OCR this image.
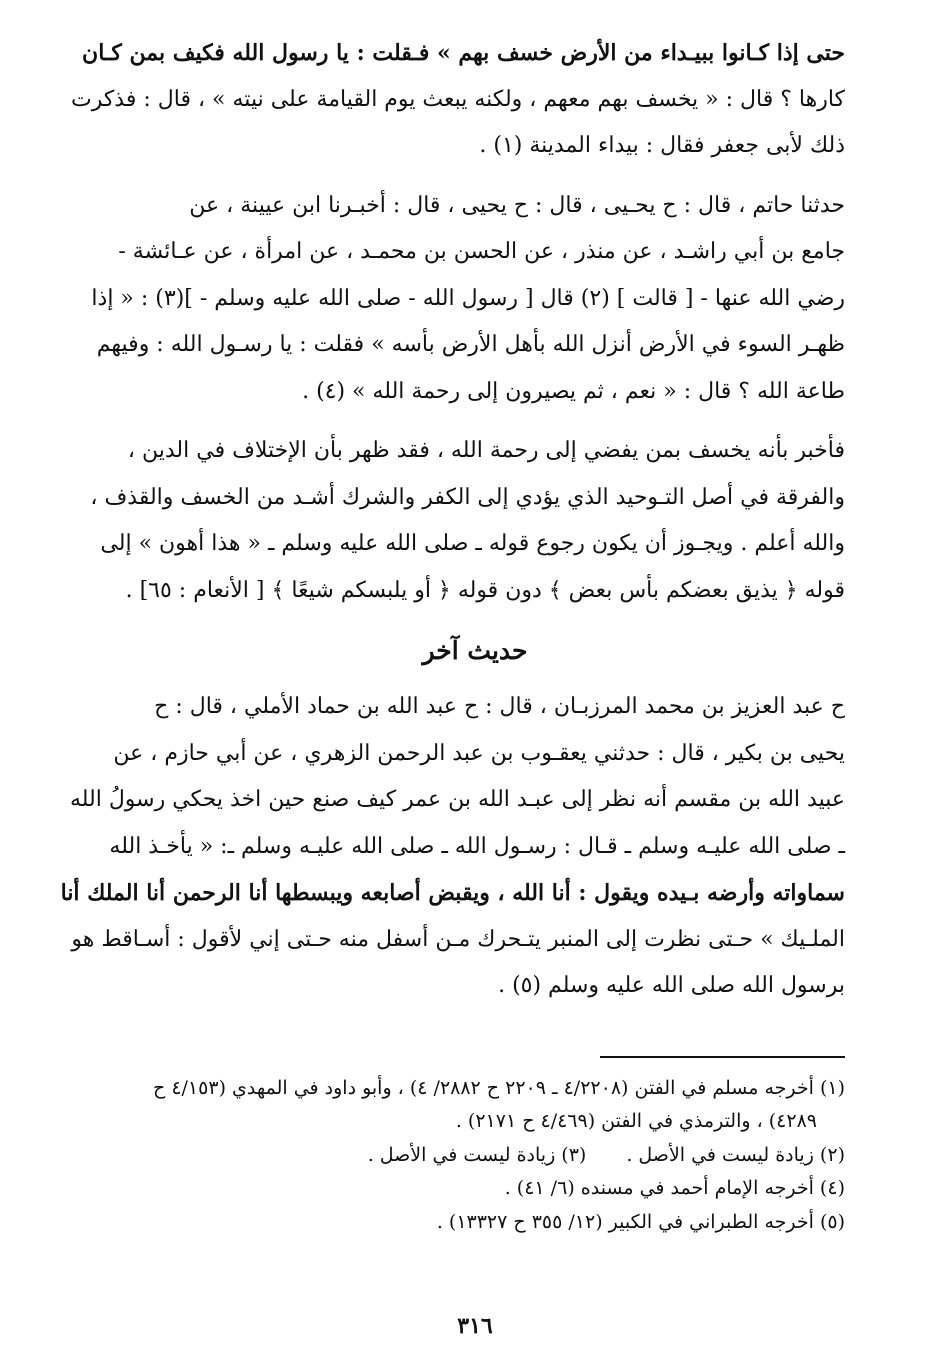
حتى إذا كـانوا ببيـداء من الأرض خسف بهم » فـقلت : يا رسول الله فكيف بمن كـان
كارها ؟ قال : « يخسف بهم معهم ، ولكنه يبعث يوم القيامة على نيته » ، قال : فذكرت
ذلك لأبى جعفر فقال : بيداء المدينة (١) .

حدثنا حاتم ، قال : ح يحـيى ، قال : ح يحيى ، قال : أخبـرنا ابن عيينة ، عن
جامع بن أبي راشـد ، عن منذر ، عن الحسن بن محمـد ، عن امرأة ، عن عـائشة -
رضي الله عنها - [ قالت ] (٢) قال [ رسول الله - صلى الله عليه وسلم - ](٣) : « إذا
ظهـر السوء في الأرض أنزل الله بأهل الأرض بأسه » فقلت : يا رسـول الله : وفيهم
طاعة الله ؟ قال : « نعم ، ثم يصيرون إلى رحمة الله » (٤) .

فأخبر بأنه يخسف بمن يفضي إلى رحمة الله ، فقد ظهر بأن الإختلاف في الدين ،
والفرقة في أصل التـوحيد الذي يؤدي إلى الكفر والشرك أشـد من الخسف والقذف ،
والله أعلم . ويجـوز أن يكون رجوع قوله ـ صلى الله عليه وسلم ـ « هذا أهون » إلى
قوله ﴿ يذيق بعضكم بأس بعض ﴾ دون قوله ﴿ أو يلبسكم شيعًا ﴾ [ الأنعام : ٦٥] .

حديث آخر

ح عبد العزيز بن محمد المرزبـان ، قال : ح عبد الله بن حماد الأملي ، قال : ح
يحيى بن بكير ، قال : حدثني يعقـوب بن عبد الرحمن الزهري ، عن أبي حازم ، عن
عبيد الله بن مقسم أنه نظر إلى عبـد الله بن عمر كيف صنع حين اخذ يحكي رسولُ الله
ـ صلى الله عليـه وسلم ـ قـال : رسـول الله ـ صلى الله عليـه وسلم ـ: « يأخـذ الله
سماواته وأرضه بـيده ويقول : أنا الله ، ويقبض أصابعه ويبسطها أنا الرحمن أنا الملك أنا
الملـيك » حـتى نظرت إلى المنبر يتـحرك مـن أسفل منه حـتى إني لأقول : أسـاقط هو
برسول الله صلى الله عليه وسلم (٥) .

(١) أخرجه مسلم في الفتن (٤/٢٢٠٨ ـ ٢٢٠٩ ح ٢٨٨٢/ ٤) ، وأبو داود في المهدي (٤/١٥٣ ح
٤٢٨٩) ، والترمذي في الفتن (٤/٤٦٩ ح ٢١٧١) .
(٢) زيادة ليست في الأصل .
(٣) زيادة ليست في الأصل .
(٤) أخرجه الإمام أحمد في مسنده (٦/ ٤١) .
(٥) أخرجه الطبراني في الكبير (١٢/ ٣٥٥ ح ١٣٣٢٧) .
٣١٦
